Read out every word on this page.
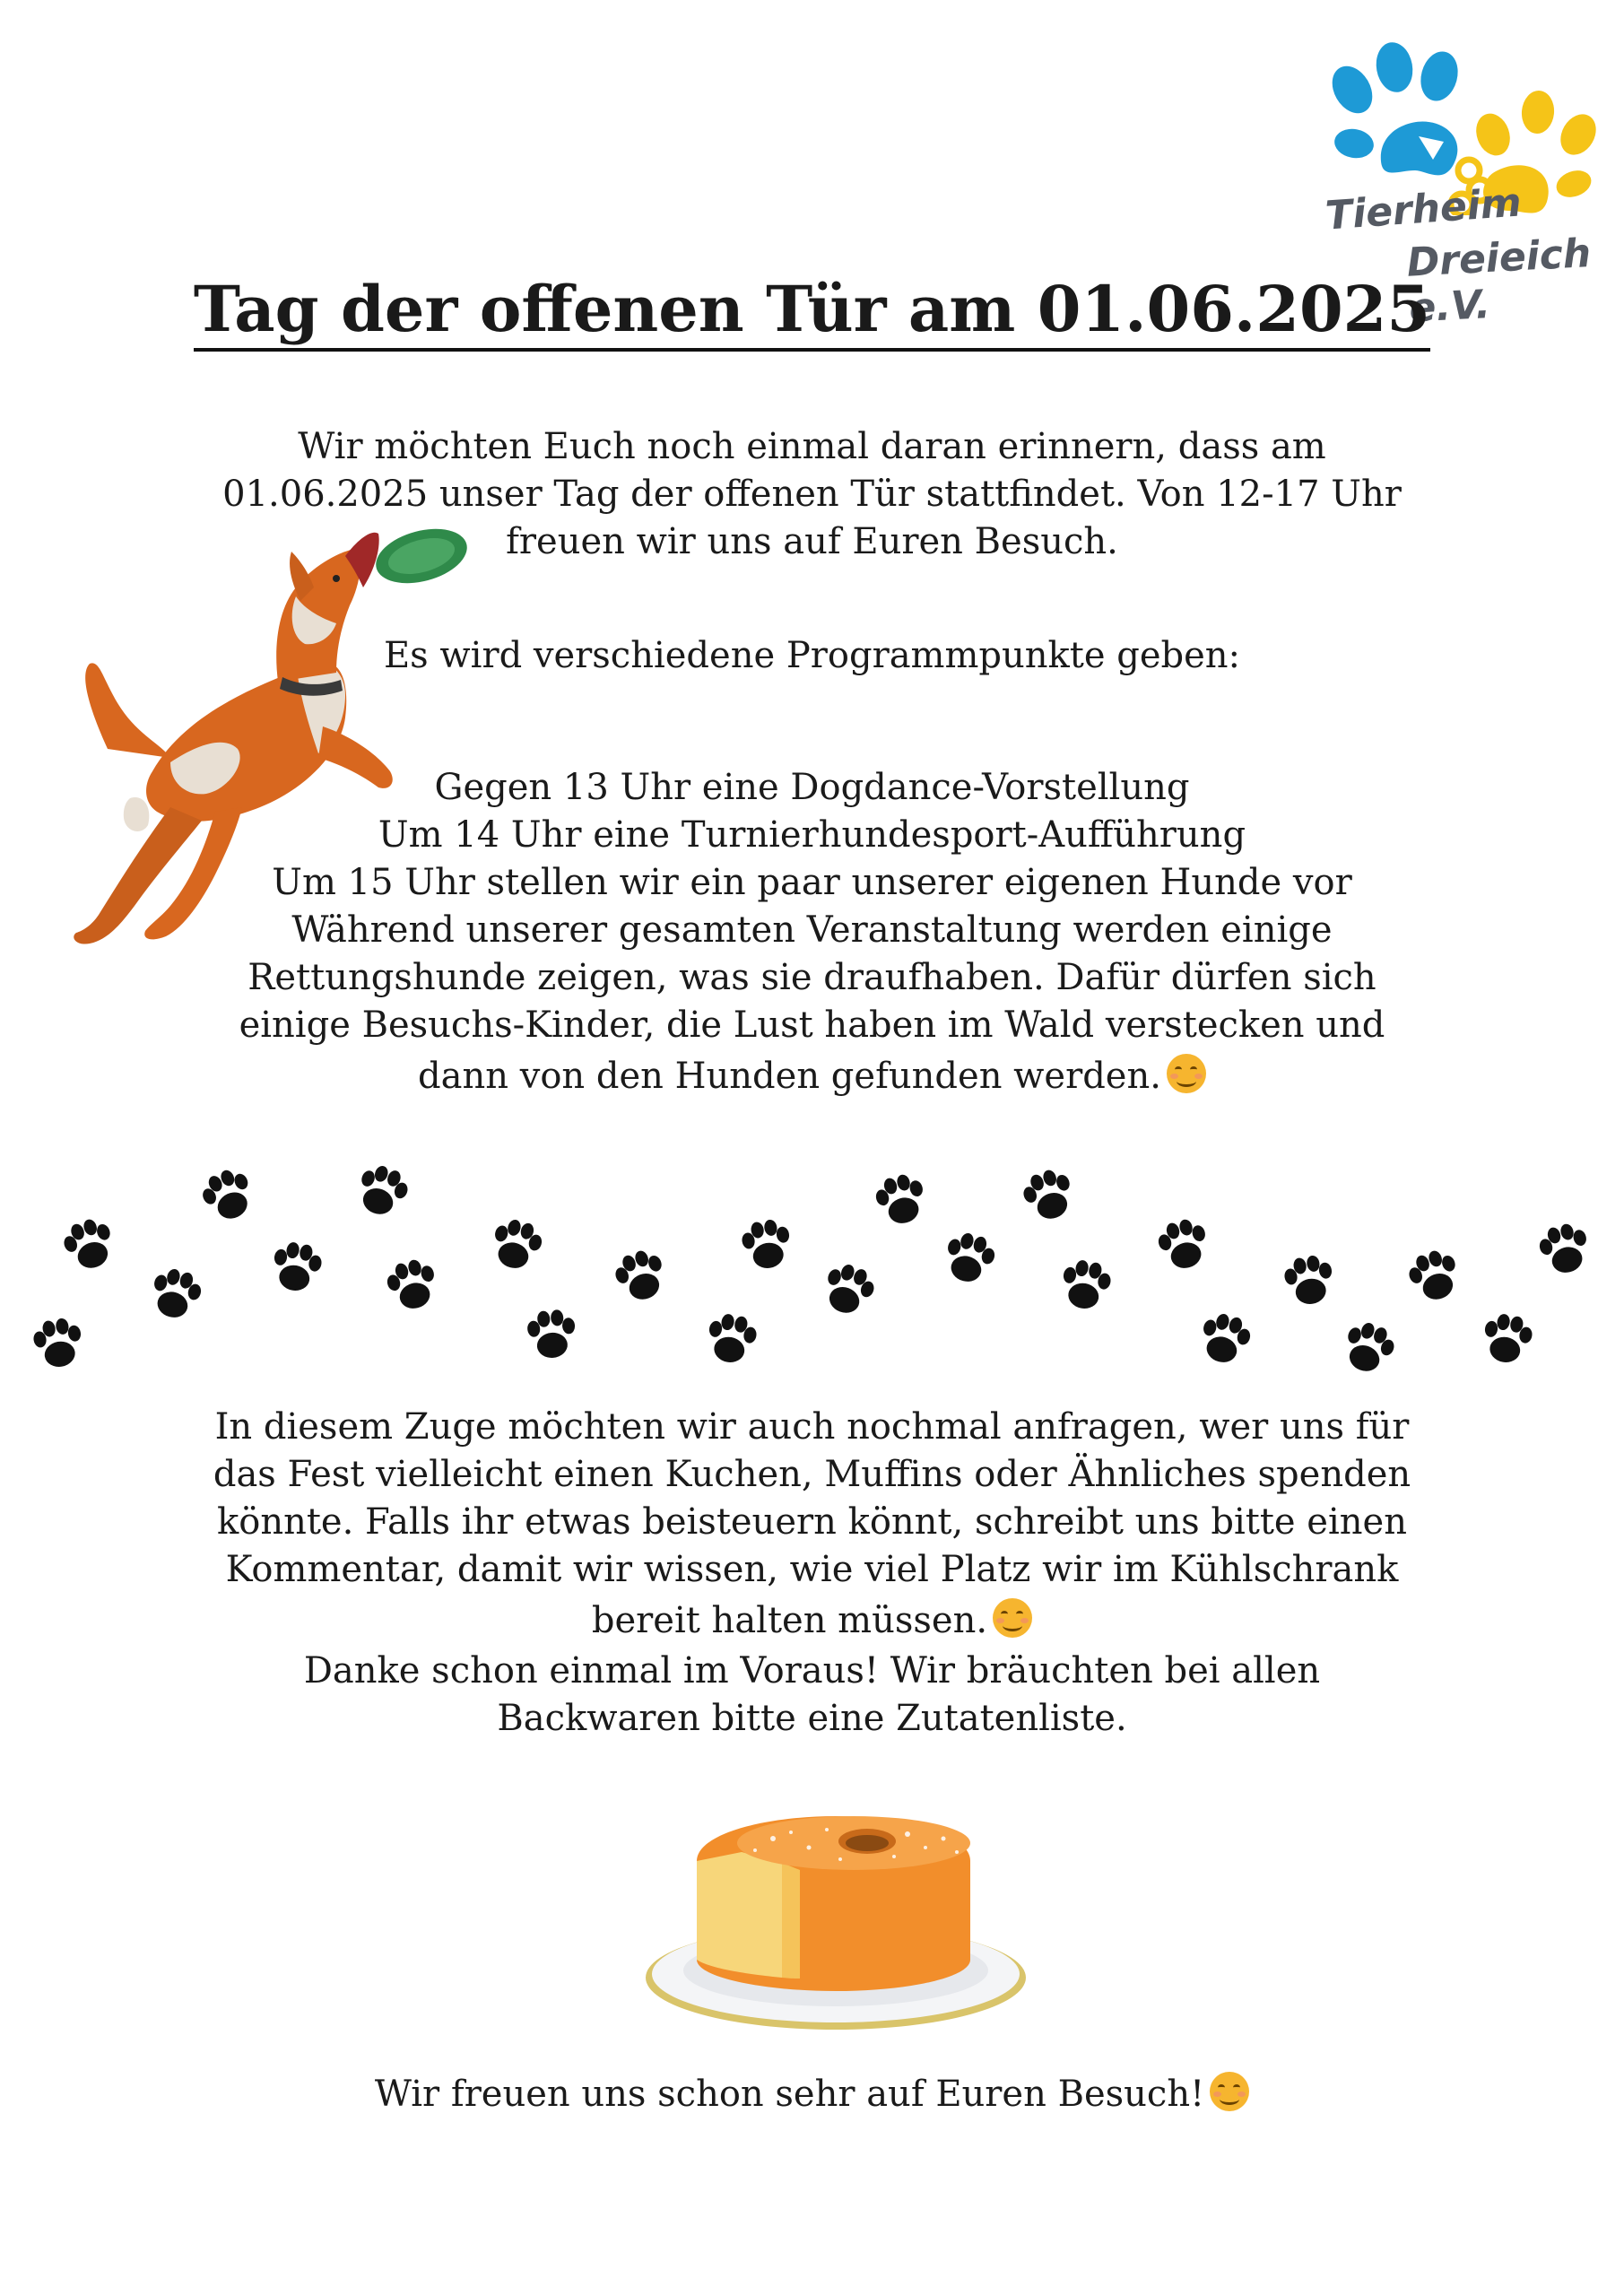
Tierheim
Dreieich e.V.
Tag der offenen Tür am 01.06.2025
Wir möchten Euch noch einmal daran erinnern, dass am
01.06.2025 unser Tag der offenen Tür stattfindet. Von 12-17 Uhr
freuen wir uns auf Euren Besuch.
Es wird verschiedene Programmpunkte geben:
Gegen 13 Uhr eine Dogdance-Vorstellung
Um 14 Uhr eine Turnierhundesport-Aufführung
Um 15 Uhr stellen wir ein paar unserer eigenen Hunde vor
Während unserer gesamten Veranstaltung werden einige
Rettungshunde zeigen, was sie draufhaben. Dafür dürfen sich
einige Besuchs-Kinder, die Lust haben im Wald verstecken und
dann von den Hunden gefunden werden.
In diesem Zuge möchten wir auch nochmal anfragen, wer uns für
das Fest vielleicht einen Kuchen, Muffins oder Ähnliches spenden
könnte. Falls ihr etwas beisteuern könnt, schreibt uns bitte einen
Kommentar, damit wir wissen, wie viel Platz wir im Kühlschrank
bereit halten müssen.
Danke schon einmal im Voraus! Wir bräuchten bei allen
Backwaren bitte eine Zutatenliste.
Wir freuen uns schon sehr auf Euren Besuch!
